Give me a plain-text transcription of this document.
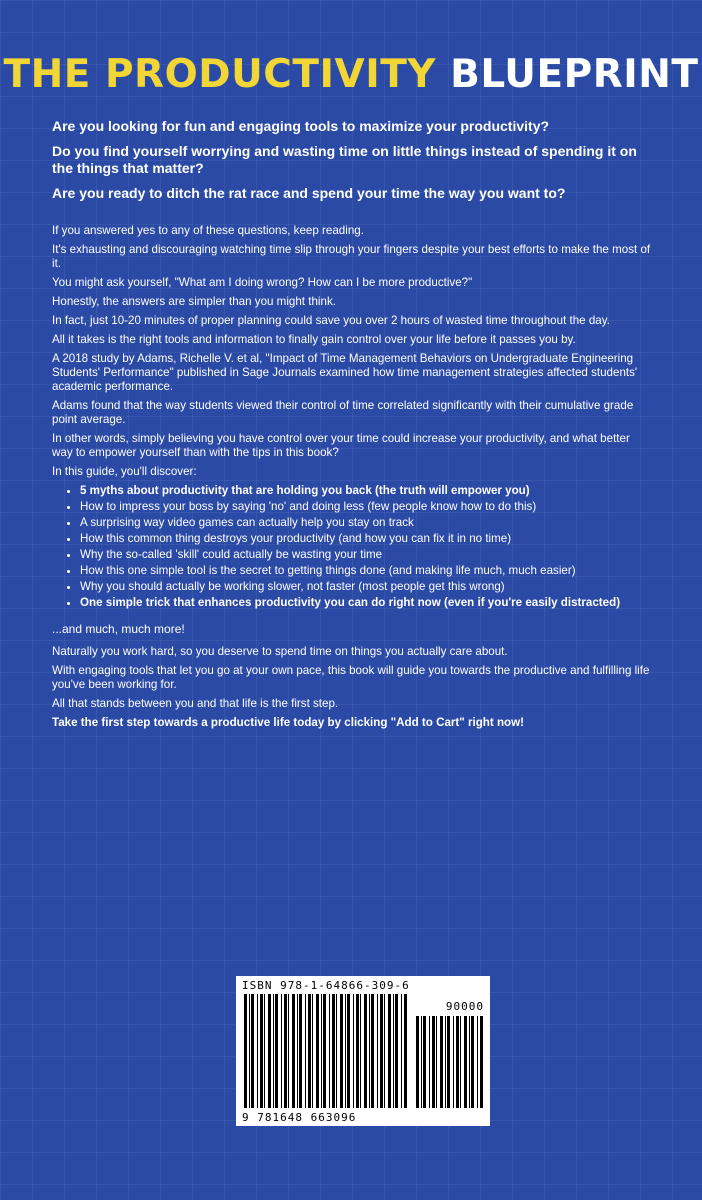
THE PRODUCTIVITY BLUEPRINT

Are you looking for fun and engaging tools to maximize your productivity?

Do you find yourself worrying and wasting time on little things instead of spending it on the things that matter?

Are you ready to ditch the rat race and spend your time the way you want to?

If you answered yes to any of these questions, keep reading.

It's exhausting and discouraging watching time slip through your fingers despite your best efforts to make the most of it.

You might ask yourself, "What am I doing wrong? How can I be more productive?"

Honestly, the answers are simpler than you might think.

In fact, just 10-20 minutes of proper planning could save you over 2 hours of wasted time throughout the day.

All it takes is the right tools and information to finally gain control over your life before it passes you by.

A 2018 study by Adams, Richelle V. et al, "Impact of Time Management Behaviors on Undergraduate Engineering Students' Performance" published in Sage Journals examined how time management strategies affected students' academic performance.

Adams found that the way students viewed their control of time correlated significantly with their cumulative grade point average.

In other words, simply believing you have control over your time could increase your productivity, and what better way to empower yourself than with the tips in this book?

In this guide, you'll discover:

• 5 myths about productivity that are holding you back (the truth will empower you)
• How to impress your boss by saying 'no' and doing less (few people know how to do this)
• A surprising way video games can actually help you stay on track
• How this common thing destroys your productivity (and how you can fix it in no time)
• Why the so-called 'skill' could actually be wasting your time
• How this one simple tool is the secret to getting things done (and making life much, much easier)
• Why you should actually be working slower, not faster (most people get this wrong)
• One simple trick that enhances productivity you can do right now (even if you're easily distracted)

...and much, much more!

Naturally you work hard, so you deserve to spend time on things you actually care about.

With engaging tools that let you go at your own pace, this book will guide you towards the productive and fulfilling life you've been working for.

All that stands between you and that life is the first step.

Take the first step towards a productive life today by clicking "Add to Cart" right now!

ISBN 978-1-64866-309-6
90000
9 781648 663096
